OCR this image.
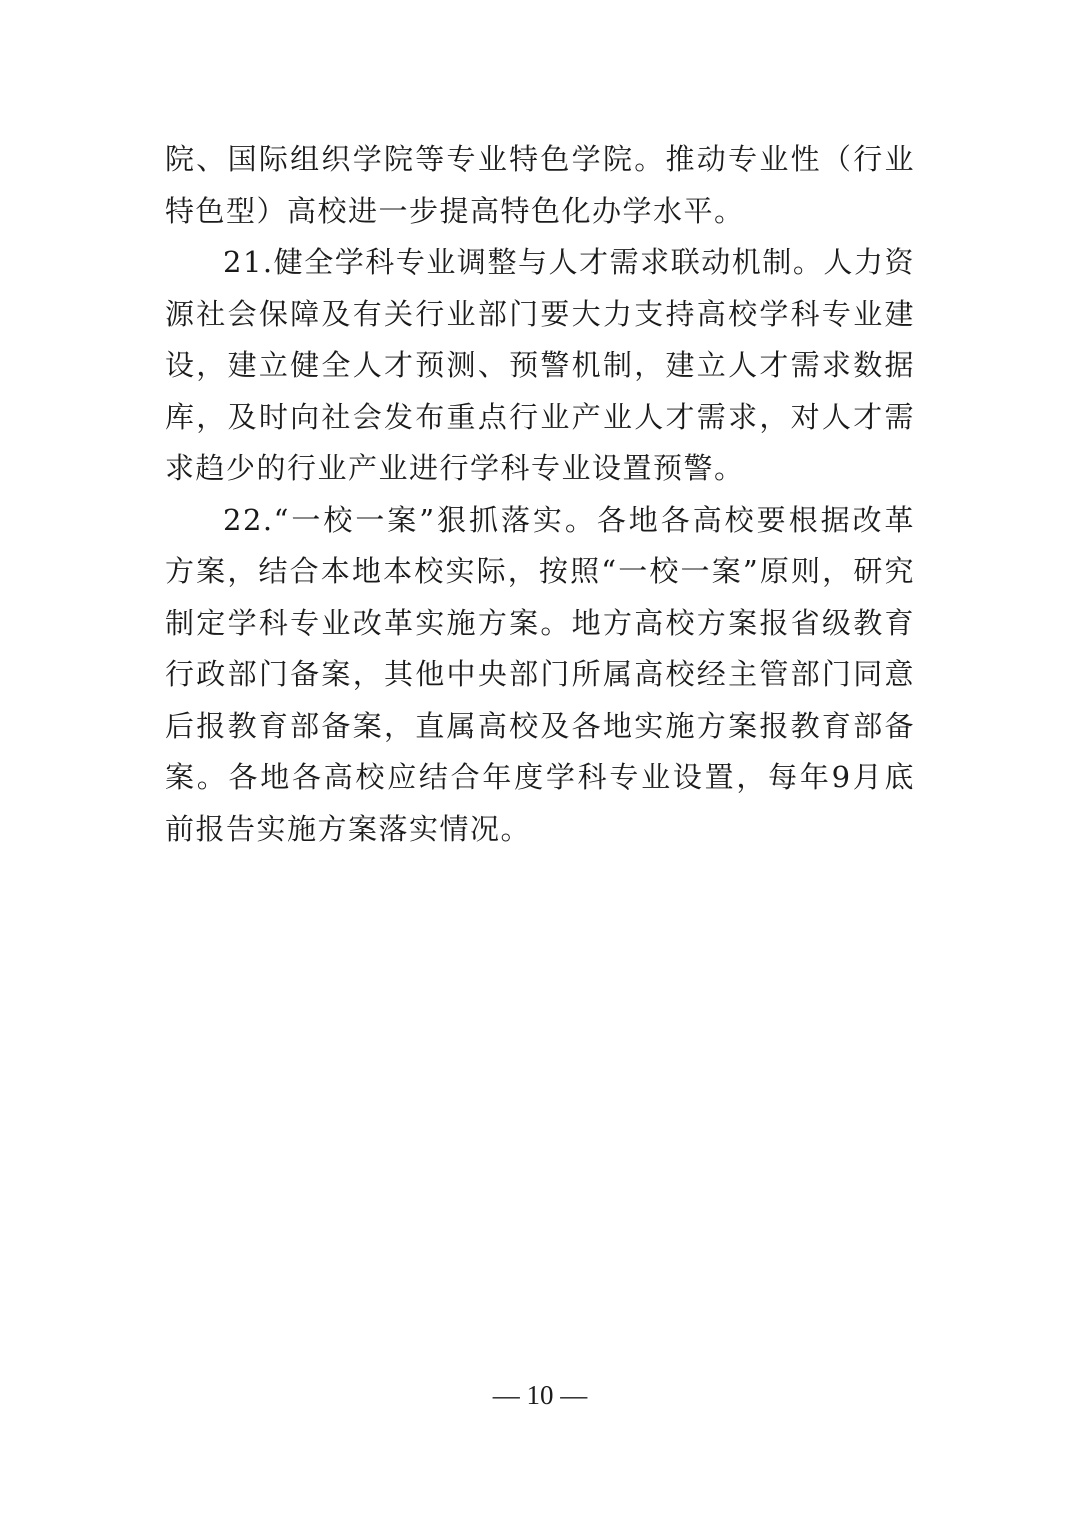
院、国际组织学院等专业特色学院。推动专业性（行业特色型）高校进一步提高特色化办学水平。

21.健全学科专业调整与人才需求联动机制。人力资源社会保障及有关行业部门要大力支持高校学科专业建设，建立健全人才预测、预警机制，建立人才需求数据库，及时向社会发布重点行业产业人才需求，对人才需求趋少的行业产业进行学科专业设置预警。

22.“一校一案”狠抓落实。各地各高校要根据改革方案，结合本地本校实际，按照“一校一案”原则，研究制定学科专业改革实施方案。地方高校方案报省级教育行政部门备案，其他中央部门所属高校经主管部门同意后报教育部备案，直属高校及各地实施方案报教育部备案。各地各高校应结合年度学科专业设置，每年9月底前报告实施方案落实情况。

— 10 —
